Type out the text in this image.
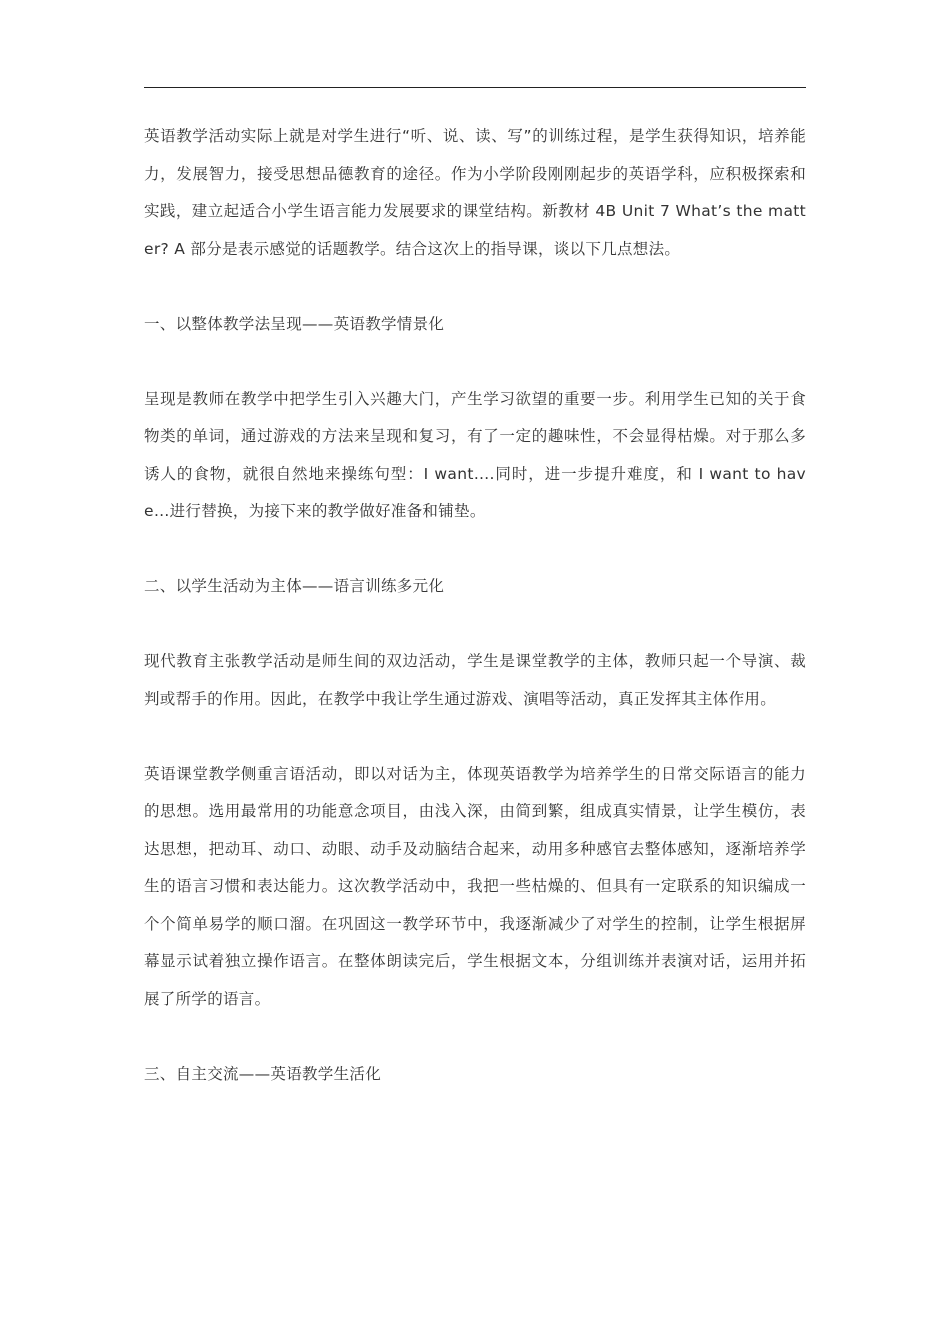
英语教学活动实际上就是对学生进行“听、说、读、写”的训练过程，是学生获得知识，培养能力，发展智力，接受思想品德教育的途径。作为小学阶段刚刚起步的英语学科，应积极探索和实践，建立起适合小学生语言能力发展要求的课堂结构。新教材 4B Unit 7 What’s the matter? A 部分是表示感觉的话题教学。结合这次上的指导课，谈以下几点想法。

一、以整体教学法呈现——英语教学情景化

呈现是教师在教学中把学生引入兴趣大门，产生学习欲望的重要一步。利用学生已知的关于食物类的单词，通过游戏的方法来呈现和复习，有了一定的趣味性，不会显得枯燥。对于那么多诱人的食物，就很自然地来操练句型：I want….同时，进一步提升难度，和 I want to have…进行替换，为接下来的教学做好准备和铺垫。

二、以学生活动为主体——语言训练多元化

现代教育主张教学活动是师生间的双边活动，学生是课堂教学的主体，教师只起一个导演、裁判或帮手的作用。因此，在教学中我让学生通过游戏、演唱等活动，真正发挥其主体作用。

英语课堂教学侧重言语活动，即以对话为主，体现英语教学为培养学生的日常交际语言的能力的思想。选用最常用的功能意念项目，由浅入深，由简到繁，组成真实情景，让学生模仿，表达思想，把动耳、动口、动眼、动手及动脑结合起来，动用多种感官去整体感知，逐渐培养学生的语言习惯和表达能力。这次教学活动中，我把一些枯燥的、但具有一定联系的知识编成一个个简单易学的顺口溜。在巩固这一教学环节中，我逐渐减少了对学生的控制，让学生根据屏幕显示试着独立操作语言。在整体朗读完后，学生根据文本，分组训练并表演对话，运用并拓展了所学的语言。

三、自主交流——英语教学生活化
